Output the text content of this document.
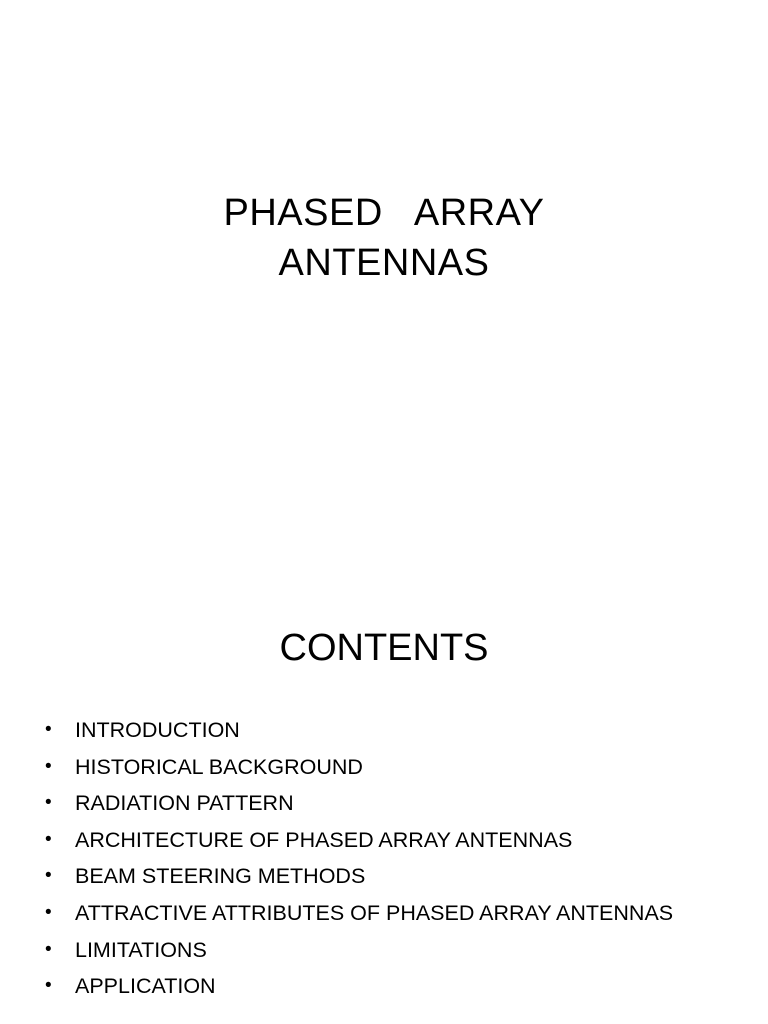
PHASED   ARRAY
ANTENNAS
CONTENTS
• INTRODUCTION
• HISTORICAL BACKGROUND
• RADIATION PATTERN
• ARCHITECTURE OF PHASED ARRAY ANTENNAS
• BEAM STEERING METHODS
• ATTRACTIVE ATTRIBUTES OF PHASED ARRAY ANTENNAS
• LIMITATIONS
• APPLICATION
